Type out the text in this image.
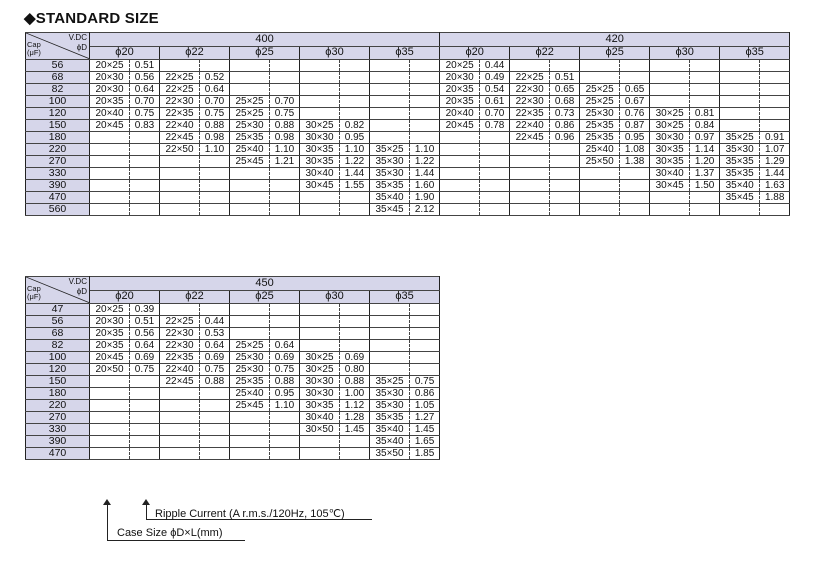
◆STANDARD SIZE
V.DC
ϕD
Cap
(μF)	400										420									
	ϕ20		ϕ22		ϕ25		ϕ30		ϕ35		ϕ20		ϕ22		ϕ25		ϕ30		ϕ35	
56	20×25	0.51									20×25	0.44								
68	20×30	0.56	22×25	0.52							20×30	0.49	22×25	0.51						
82	20×30	0.64	22×25	0.64							20×35	0.54	22×30	0.65	25×25	0.65				
100	20×35	0.70	22×30	0.70	25×25	0.70					20×35	0.61	22×30	0.68	25×25	0.67				
120	20×40	0.75	22×35	0.75	25×25	0.75					20×40	0.70	22×35	0.73	25×30	0.76	30×25	0.81		
150	20×45	0.83	22×40	0.88	25×30	0.88	30×25	0.82			20×45	0.78	22×40	0.86	25×35	0.87	30×25	0.84		
180			22×45	0.98	25×35	0.98	30×30	0.95					22×45	0.96	25×35	0.95	30×30	0.97	35×25	0.91
220			22×50	1.10	25×40	1.10	30×35	1.10	35×25	1.10					25×40	1.08	30×35	1.14	35×30	1.07
270					25×45	1.21	30×35	1.22	35×30	1.22					25×50	1.38	30×35	1.20	35×35	1.29
330							30×40	1.44	35×30	1.44							30×40	1.37	35×35	1.44
390							30×45	1.55	35×35	1.60							30×45	1.50	35×40	1.63
470									35×40	1.90									35×45	1.88
560									35×45	2.12										
V.DC
ϕD
Cap
(μF)	450									
	ϕ20		ϕ22		ϕ25		ϕ30		ϕ35	
47	20×25	0.39								
56	20×30	0.51	22×25	0.44						
68	20×35	0.56	22×30	0.53						
82	20×35	0.64	22×30	0.64	25×25	0.64				
100	20×45	0.69	22×35	0.69	25×30	0.69	30×25	0.69		
120	20×50	0.75	22×40	0.75	25×30	0.75	30×25	0.80		
150			22×45	0.88	25×35	0.88	30×30	0.88	35×25	0.75
180					25×40	0.95	30×30	1.00	35×30	0.86
220					25×45	1.10	30×35	1.12	35×30	1.05
270							30×40	1.28	35×35	1.27
330							30×50	1.45	35×40	1.45
390									35×40	1.65
470									35×50	1.85
Ripple Current (A r.m.s./120Hz, 105℃)
Case Size ϕD×L(mm)
